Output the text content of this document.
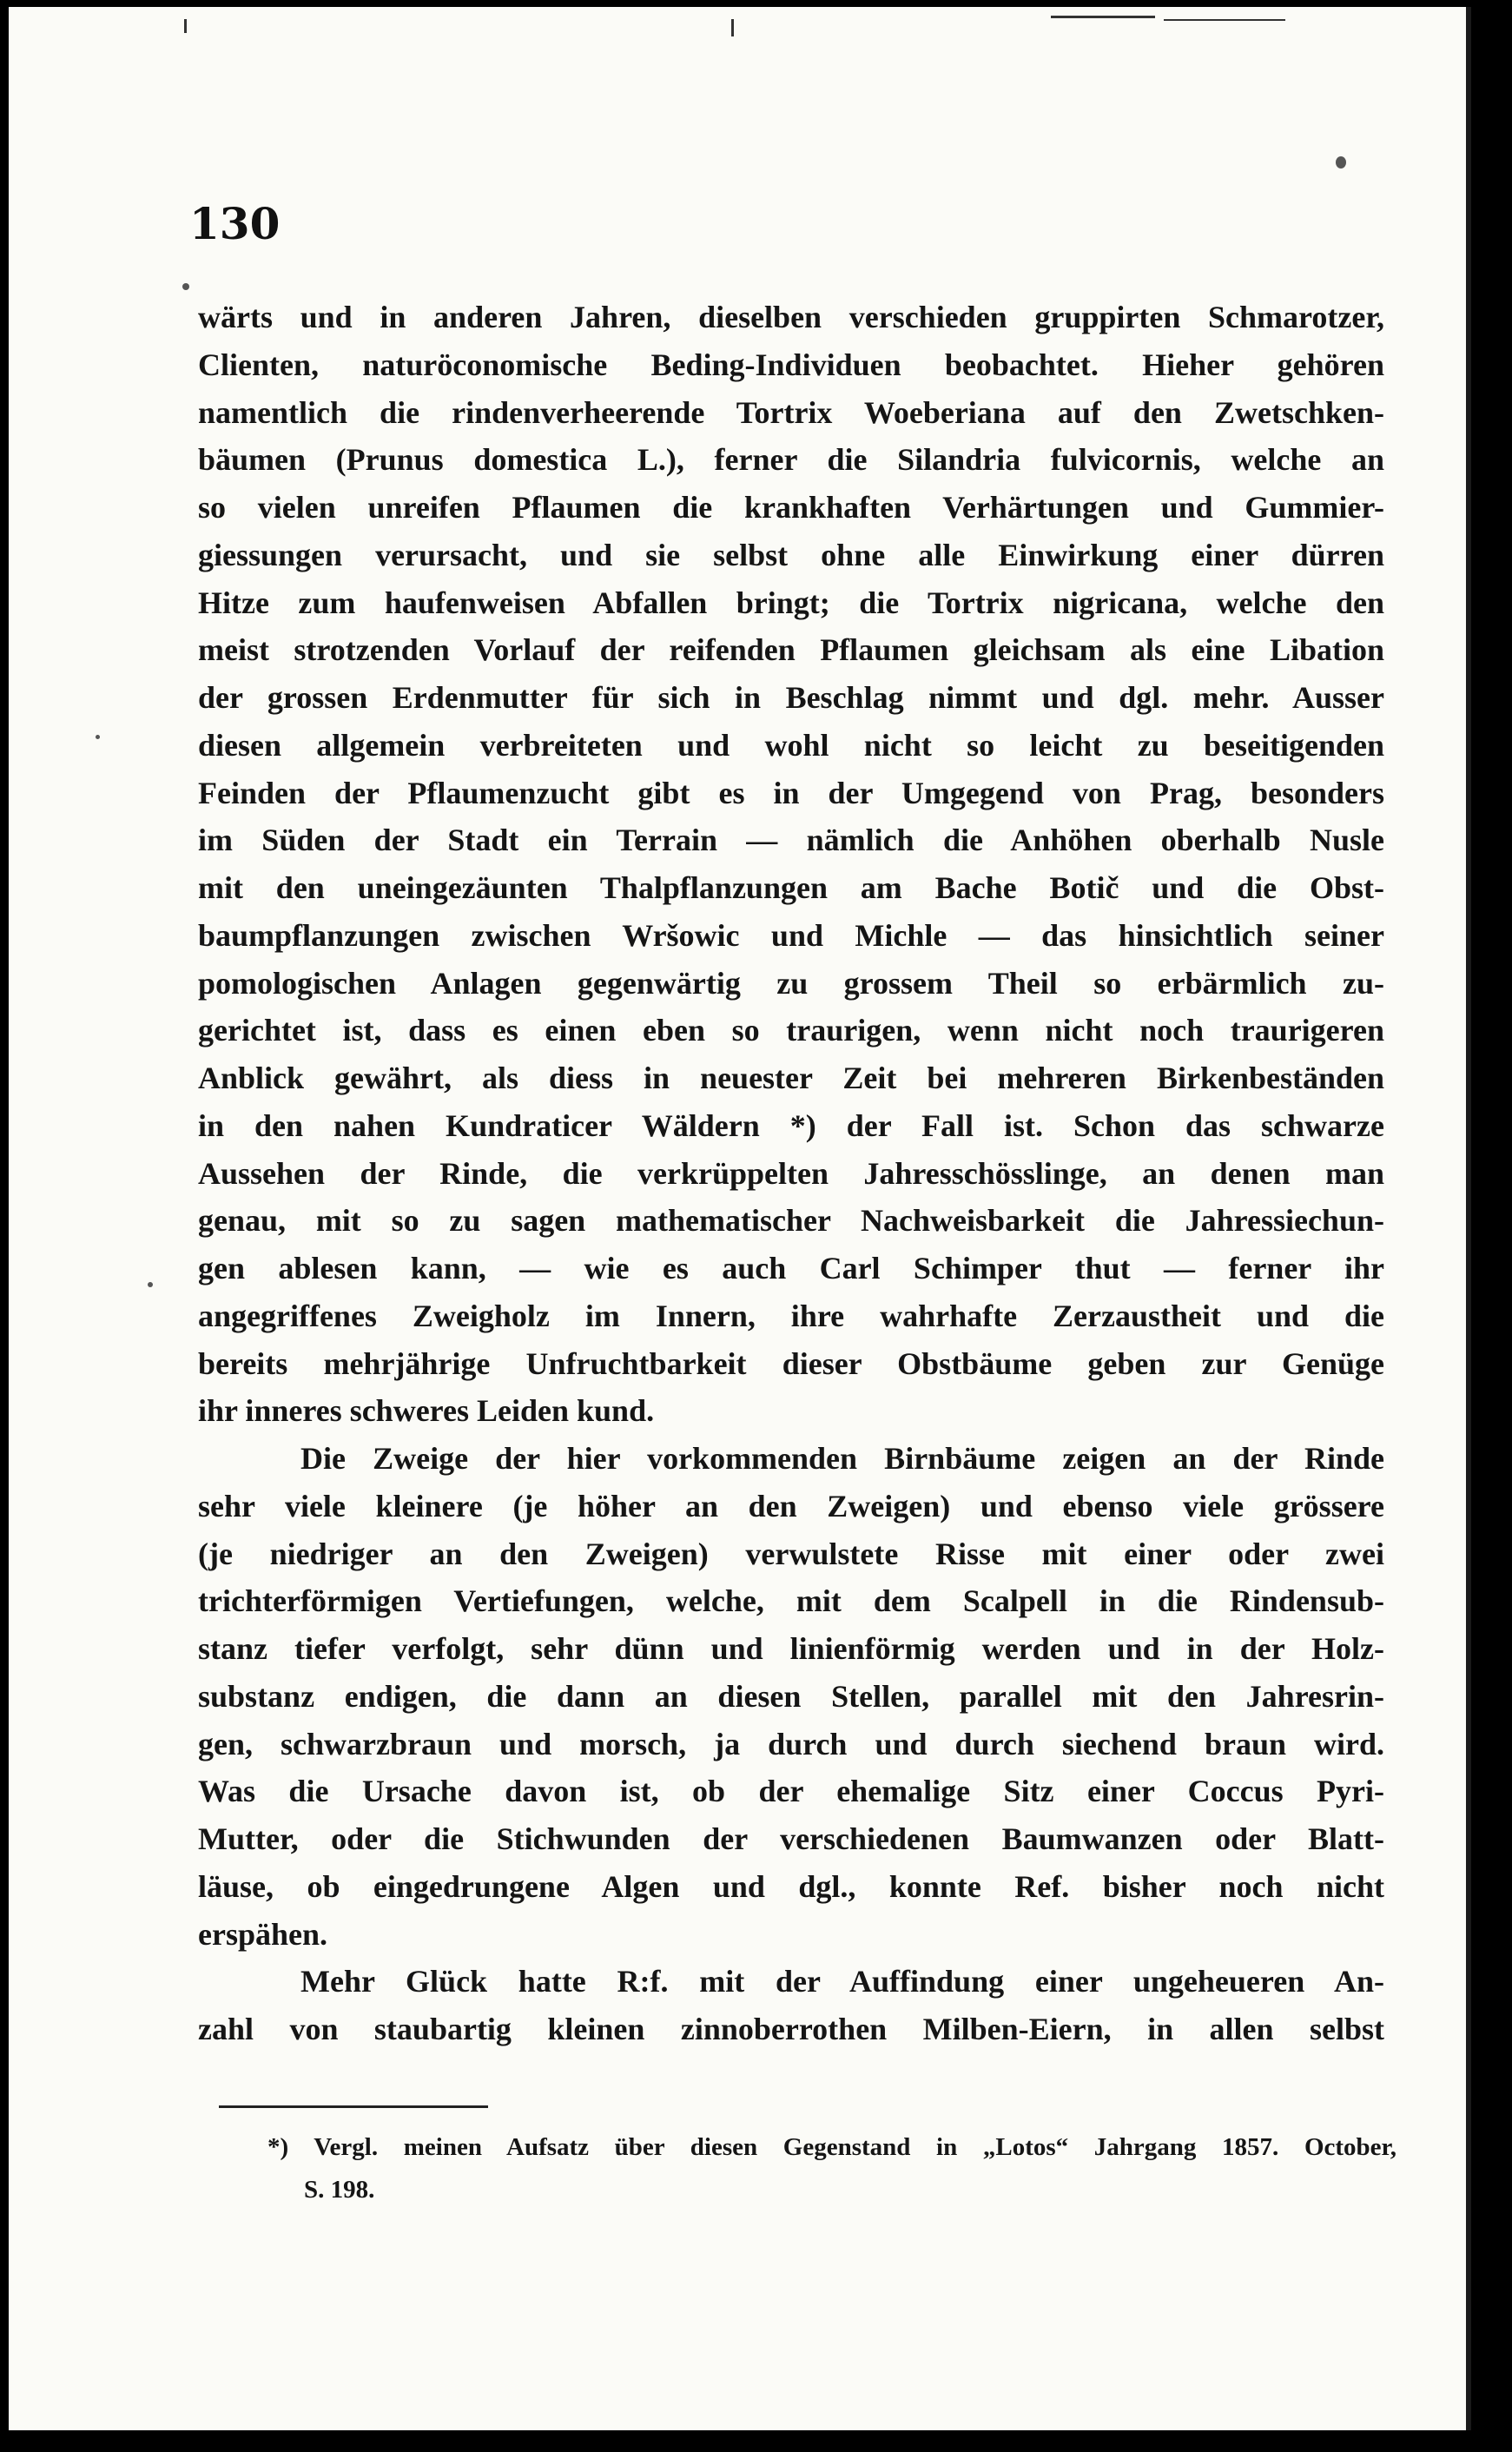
130
wärts und in anderen Jahren, dieselben verschieden gruppirten Schmarotzer,
Clienten, naturöconomische Beding-Individuen beobachtet. Hieher gehören
namentlich die rindenverheerende Tortrix Woeberiana auf den Zwetschken-
bäumen (Prunus domestica L.), ferner die Silandria fulvicornis, welche an
so vielen unreifen Pflaumen die krankhaften Verhärtungen und Gummier-
giessungen verursacht, und sie selbst ohne alle Einwirkung einer dürren
Hitze zum haufenweisen Abfallen bringt; die Tortrix nigricana, welche den
meist strotzenden Vorlauf der reifenden Pflaumen gleichsam als eine Libation
der grossen Erdenmutter für sich in Beschlag nimmt und dgl. mehr. Ausser
diesen allgemein verbreiteten und wohl nicht so leicht zu beseitigenden
Feinden der Pflaumenzucht gibt es in der Umgegend von Prag, besonders
im Süden der Stadt ein Terrain — nämlich die Anhöhen oberhalb Nusle
mit den uneingezäunten Thalpflanzungen am Bache Botič und die Obst-
baumpflanzungen zwischen Wršowic und Michle — das hinsichtlich seiner
pomologischen Anlagen gegenwärtig zu grossem Theil so erbärmlich zu-
gerichtet ist, dass es einen eben so traurigen, wenn nicht noch traurigeren
Anblick gewährt, als diess in neuester Zeit bei mehreren Birkenbeständen
in den nahen Kundraticer Wäldern *) der Fall ist. Schon das schwarze
Aussehen der Rinde, die verkrüppelten Jahresschösslinge, an denen man
genau, mit so zu sagen mathematischer Nachweisbarkeit die Jahressiechun-
gen ablesen kann, — wie es auch Carl Schimper thut — ferner ihr
angegriffenes Zweigholz im Innern, ihre wahrhafte Zerzaustheit und die
bereits mehrjährige Unfruchtbarkeit dieser Obstbäume geben zur Genüge
ihr inneres schweres Leiden kund.
Die Zweige der hier vorkommenden Birnbäume zeigen an der Rinde
sehr viele kleinere (je höher an den Zweigen) und ebenso viele grössere
(je niedriger an den Zweigen) verwulstete Risse mit einer oder zwei
trichterförmigen Vertiefungen, welche, mit dem Scalpell in die Rindensub-
stanz tiefer verfolgt, sehr dünn und linienförmig werden und in der Holz-
substanz endigen, die dann an diesen Stellen, parallel mit den Jahresrin-
gen, schwarzbraun und morsch, ja durch und durch siechend braun wird.
Was die Ursache davon ist, ob der ehemalige Sitz einer Coccus Pyri-
Mutter, oder die Stichwunden der verschiedenen Baumwanzen oder Blatt-
läuse, ob eingedrungene Algen und dgl., konnte Ref. bisher noch nicht
erspähen.
Mehr Glück hatte R:f. mit der Auffindung einer ungeheueren An-
zahl von staubartig kleinen zinnoberrothen Milben-Eiern, in allen selbst
*) Vergl. meinen Aufsatz über diesen Gegenstand in „Lotos“ Jahrgang 1857. October,
S. 198.
